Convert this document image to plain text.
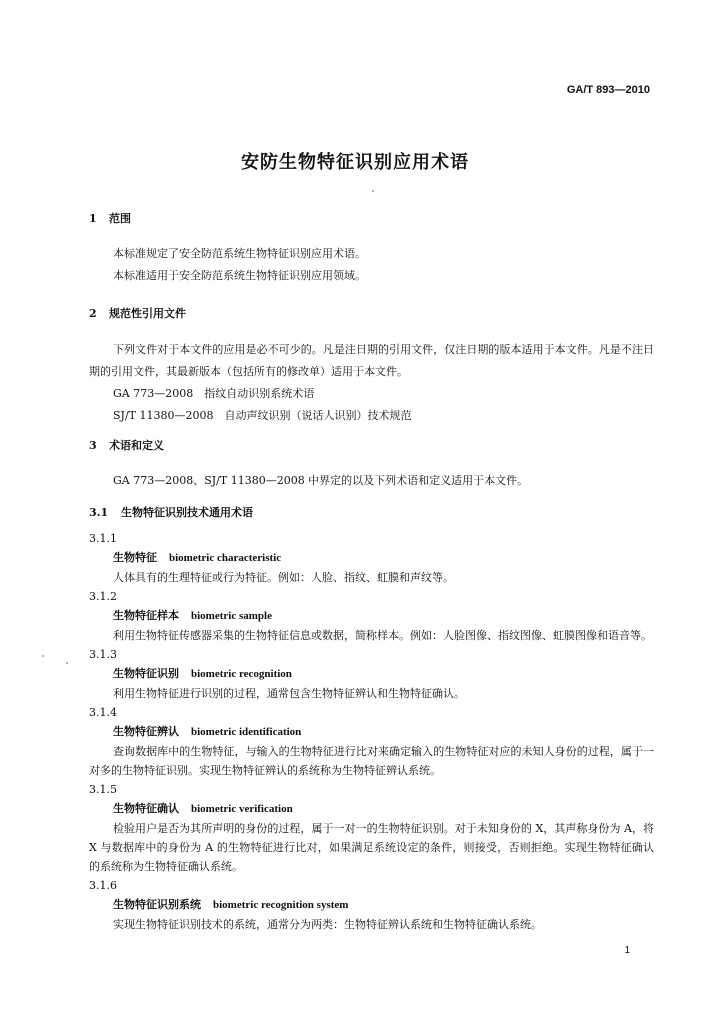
GA/T 893—2010
安防生物特征识别应用术语
1 范围
本标准规定了安全防范系统生物特征识别应用术语。
本标准适用于安全防范系统生物特征识别应用领域。
2 规范性引用文件
下列文件对于本文件的应用是必不可少的。凡是注日期的引用文件，仅注日期的版本适用于本文件。凡是不注日期的引用文件，其最新版本（包括所有的修改单）适用于本文件。
GA 773—2008　指纹自动识别系统术语
SJ/T 11380—2008　自动声纹识别（说话人识别）技术规范
3 术语和定义
GA 773—2008、SJ/T 11380—2008 中界定的以及下列术语和定义适用于本文件。
3.1 生物特征识别技术通用术语
3.1.1
生物特征 biometric characteristic
人体具有的生理特征或行为特征。例如：人脸、指纹、虹膜和声纹等。
3.1.2
生物特征样本 biometric sample
利用生物特征传感器采集的生物特征信息或数据，简称样本。例如：人脸图像、指纹图像、虹膜图像和语音等。
3.1.3
生物特征识别 biometric recognition
利用生物特征进行识别的过程，通常包含生物特征辨认和生物特征确认。
3.1.4
生物特征辨认 biometric identification
查询数据库中的生物特征，与输入的生物特征进行比对来确定输入的生物特征对应的未知人身份的过程，属于一对多的生物特征识别。实现生物特征辨认的系统称为生物特征辨认系统。
3.1.5
生物特征确认 biometric verification
检验用户是否为其所声明的身份的过程，属于一对一的生物特征识别。对于未知身份的 X，其声称身份为 A，将 X 与数据库中的身份为 A 的生物特征进行比对，如果满足系统设定的条件，则接受，否则拒绝。实现生物特征确认的系统称为生物特征确认系统。
3.1.6
生物特征识别系统 biometric recognition system
实现生物特征识别技术的系统，通常分为两类：生物特征辨认系统和生物特征确认系统。
1
